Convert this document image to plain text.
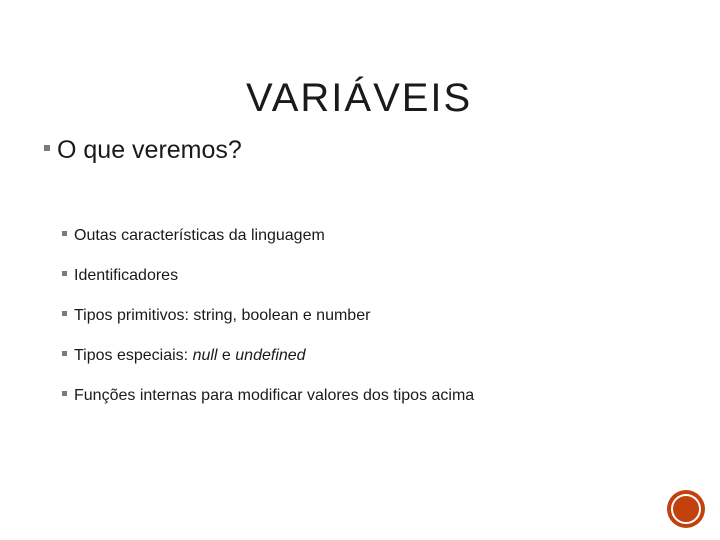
VARIÁVEIS
O que veremos?
Outas características da linguagem
Identificadores
Tipos primitivos: string, boolean e number
Tipos especiais: null e undefined
Funções internas para modificar valores dos tipos acima
